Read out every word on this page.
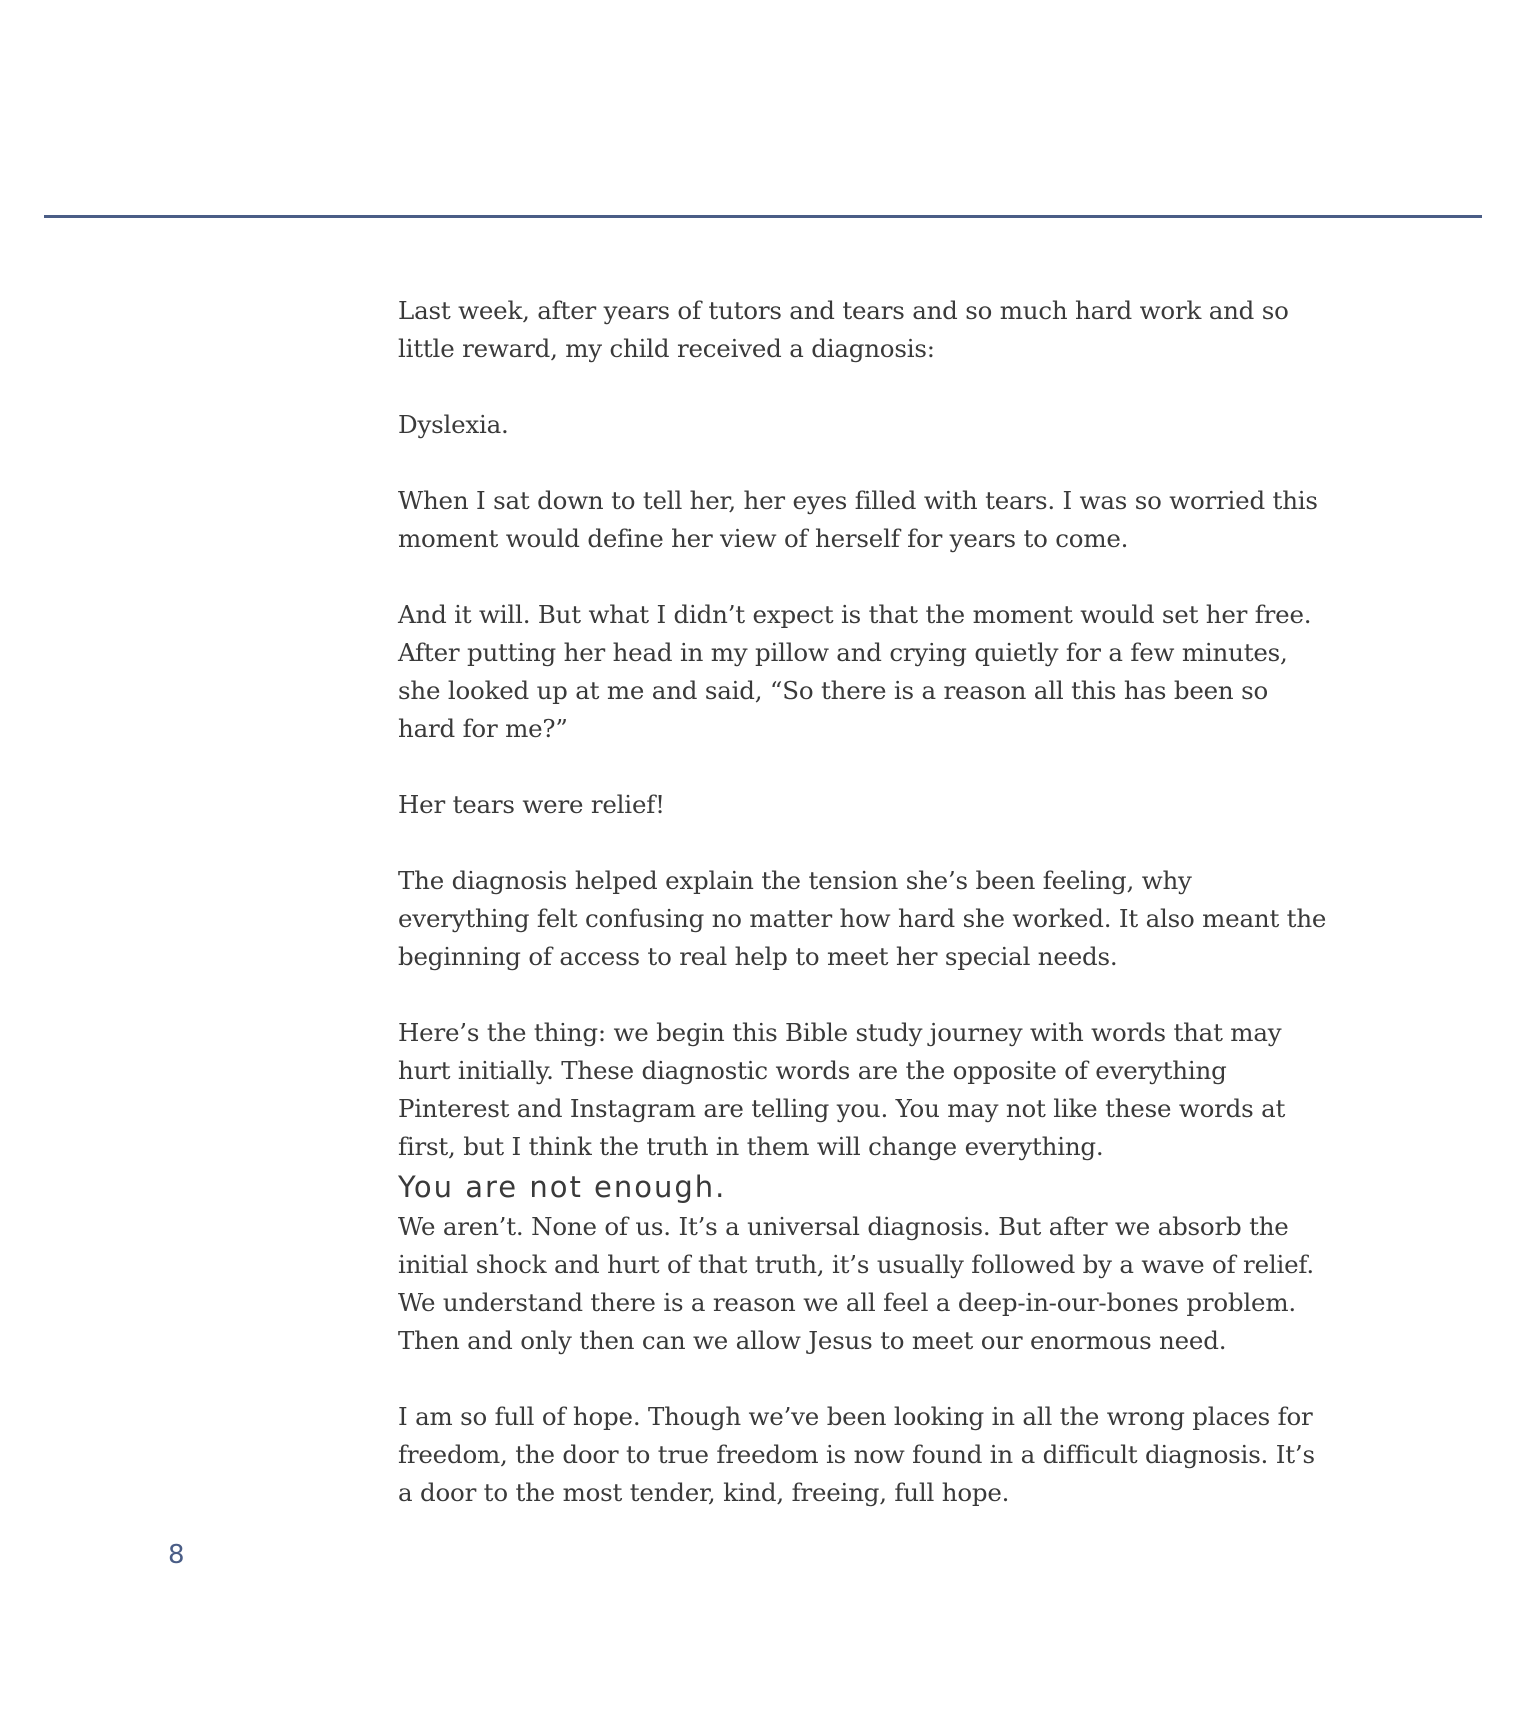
Last week, after years of tutors and tears and so much hard work and so little reward, my child received a diagnosis:

Dyslexia.

When I sat down to tell her, her eyes filled with tears. I was so worried this moment would define her view of herself for years to come.

And it will. But what I didn’t expect is that the moment would set her free. After putting her head in my pillow and crying quietly for a few minutes, she looked up at me and said, “So there is a reason all this has been so hard for me?”

Her tears were relief!

The diagnosis helped explain the tension she’s been feeling, why everything felt confusing no matter how hard she worked. It also meant the beginning of access to real help to meet her special needs.

Here’s the thing: we begin this Bible study journey with words that may hurt initially. These diagnostic words are the opposite of everything Pinterest and Instagram are telling you. You may not like these words at first, but I think the truth in them will change everything.

You are not enough.

We aren’t. None of us. It’s a universal diagnosis. But after we absorb the initial shock and hurt of that truth, it’s usually followed by a wave of relief. We understand there is a reason we all feel a deep-in-our-bones problem. Then and only then can we allow Jesus to meet our enormous need.

I am so full of hope. Though we’ve been looking in all the wrong places for freedom, the door to true freedom is now found in a difficult diagnosis. It’s a door to the most tender, kind, freeing, full hope.

8
